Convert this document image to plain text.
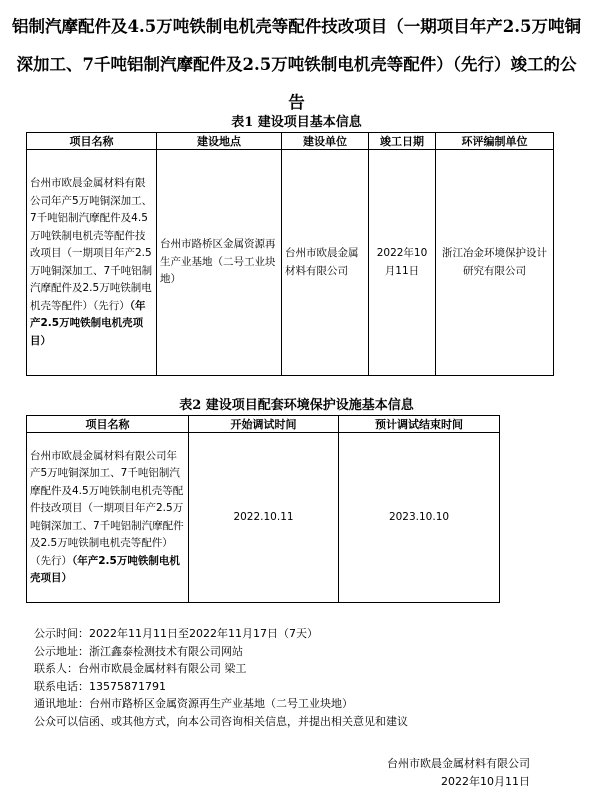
铝制汽摩配件及4.5万吨铁制电机壳等配件技改项目（一期项目年产2.5万吨铜深加工、7千吨铝制汽摩配件及2.5万吨铁制电机壳等配件）（先行）竣工的公告

表1 建设项目基本信息

项目名称	建设地点	建设单位	竣工日期	环评编制单位
台州市欧晨金属材料有限公司年产5万吨铜深加工、7千吨铝制汽摩配件及4.5万吨铁制电机壳等配件技改项目（一期项目年产2.5万吨铜深加工、7千吨铝制汽摩配件及2.5万吨铁制电机壳等配件）（先行）（年产2.5万吨铁制电机壳项目）	台州市路桥区金属资源再生产业基地（二号工业块地）	台州市欧晨金属材料有限公司	2022年10月11日	浙江冶金环境保护设计研究有限公司

表2 建设项目配套环境保护设施基本信息

项目名称	开始调试时间	预计调试结束时间
台州市欧晨金属材料有限公司年产5万吨铜深加工、7千吨铝制汽摩配件及4.5万吨铁制电机壳等配件技改项目（一期项目年产2.5万吨铜深加工、7千吨铝制汽摩配件及2.5万吨铁制电机壳等配件）（先行）（年产2.5万吨铁制电机壳项目）	2022.10.11	2023.10.10
公示时间：2022年11月11日至2022年11月17日（7天）
公示地址：浙江鑫泰检测技术有限公司网站
联系人：台州市欧晨金属材料有限公司 梁工
联系电话：13575871791
通讯地址：台州市路桥区金属资源再生产业基地（二号工业块地）
公众可以信函、或其他方式，向本公司咨询相关信息，并提出相关意见和建议
台州市欧晨金属材料有限公司
2022年10月11日
